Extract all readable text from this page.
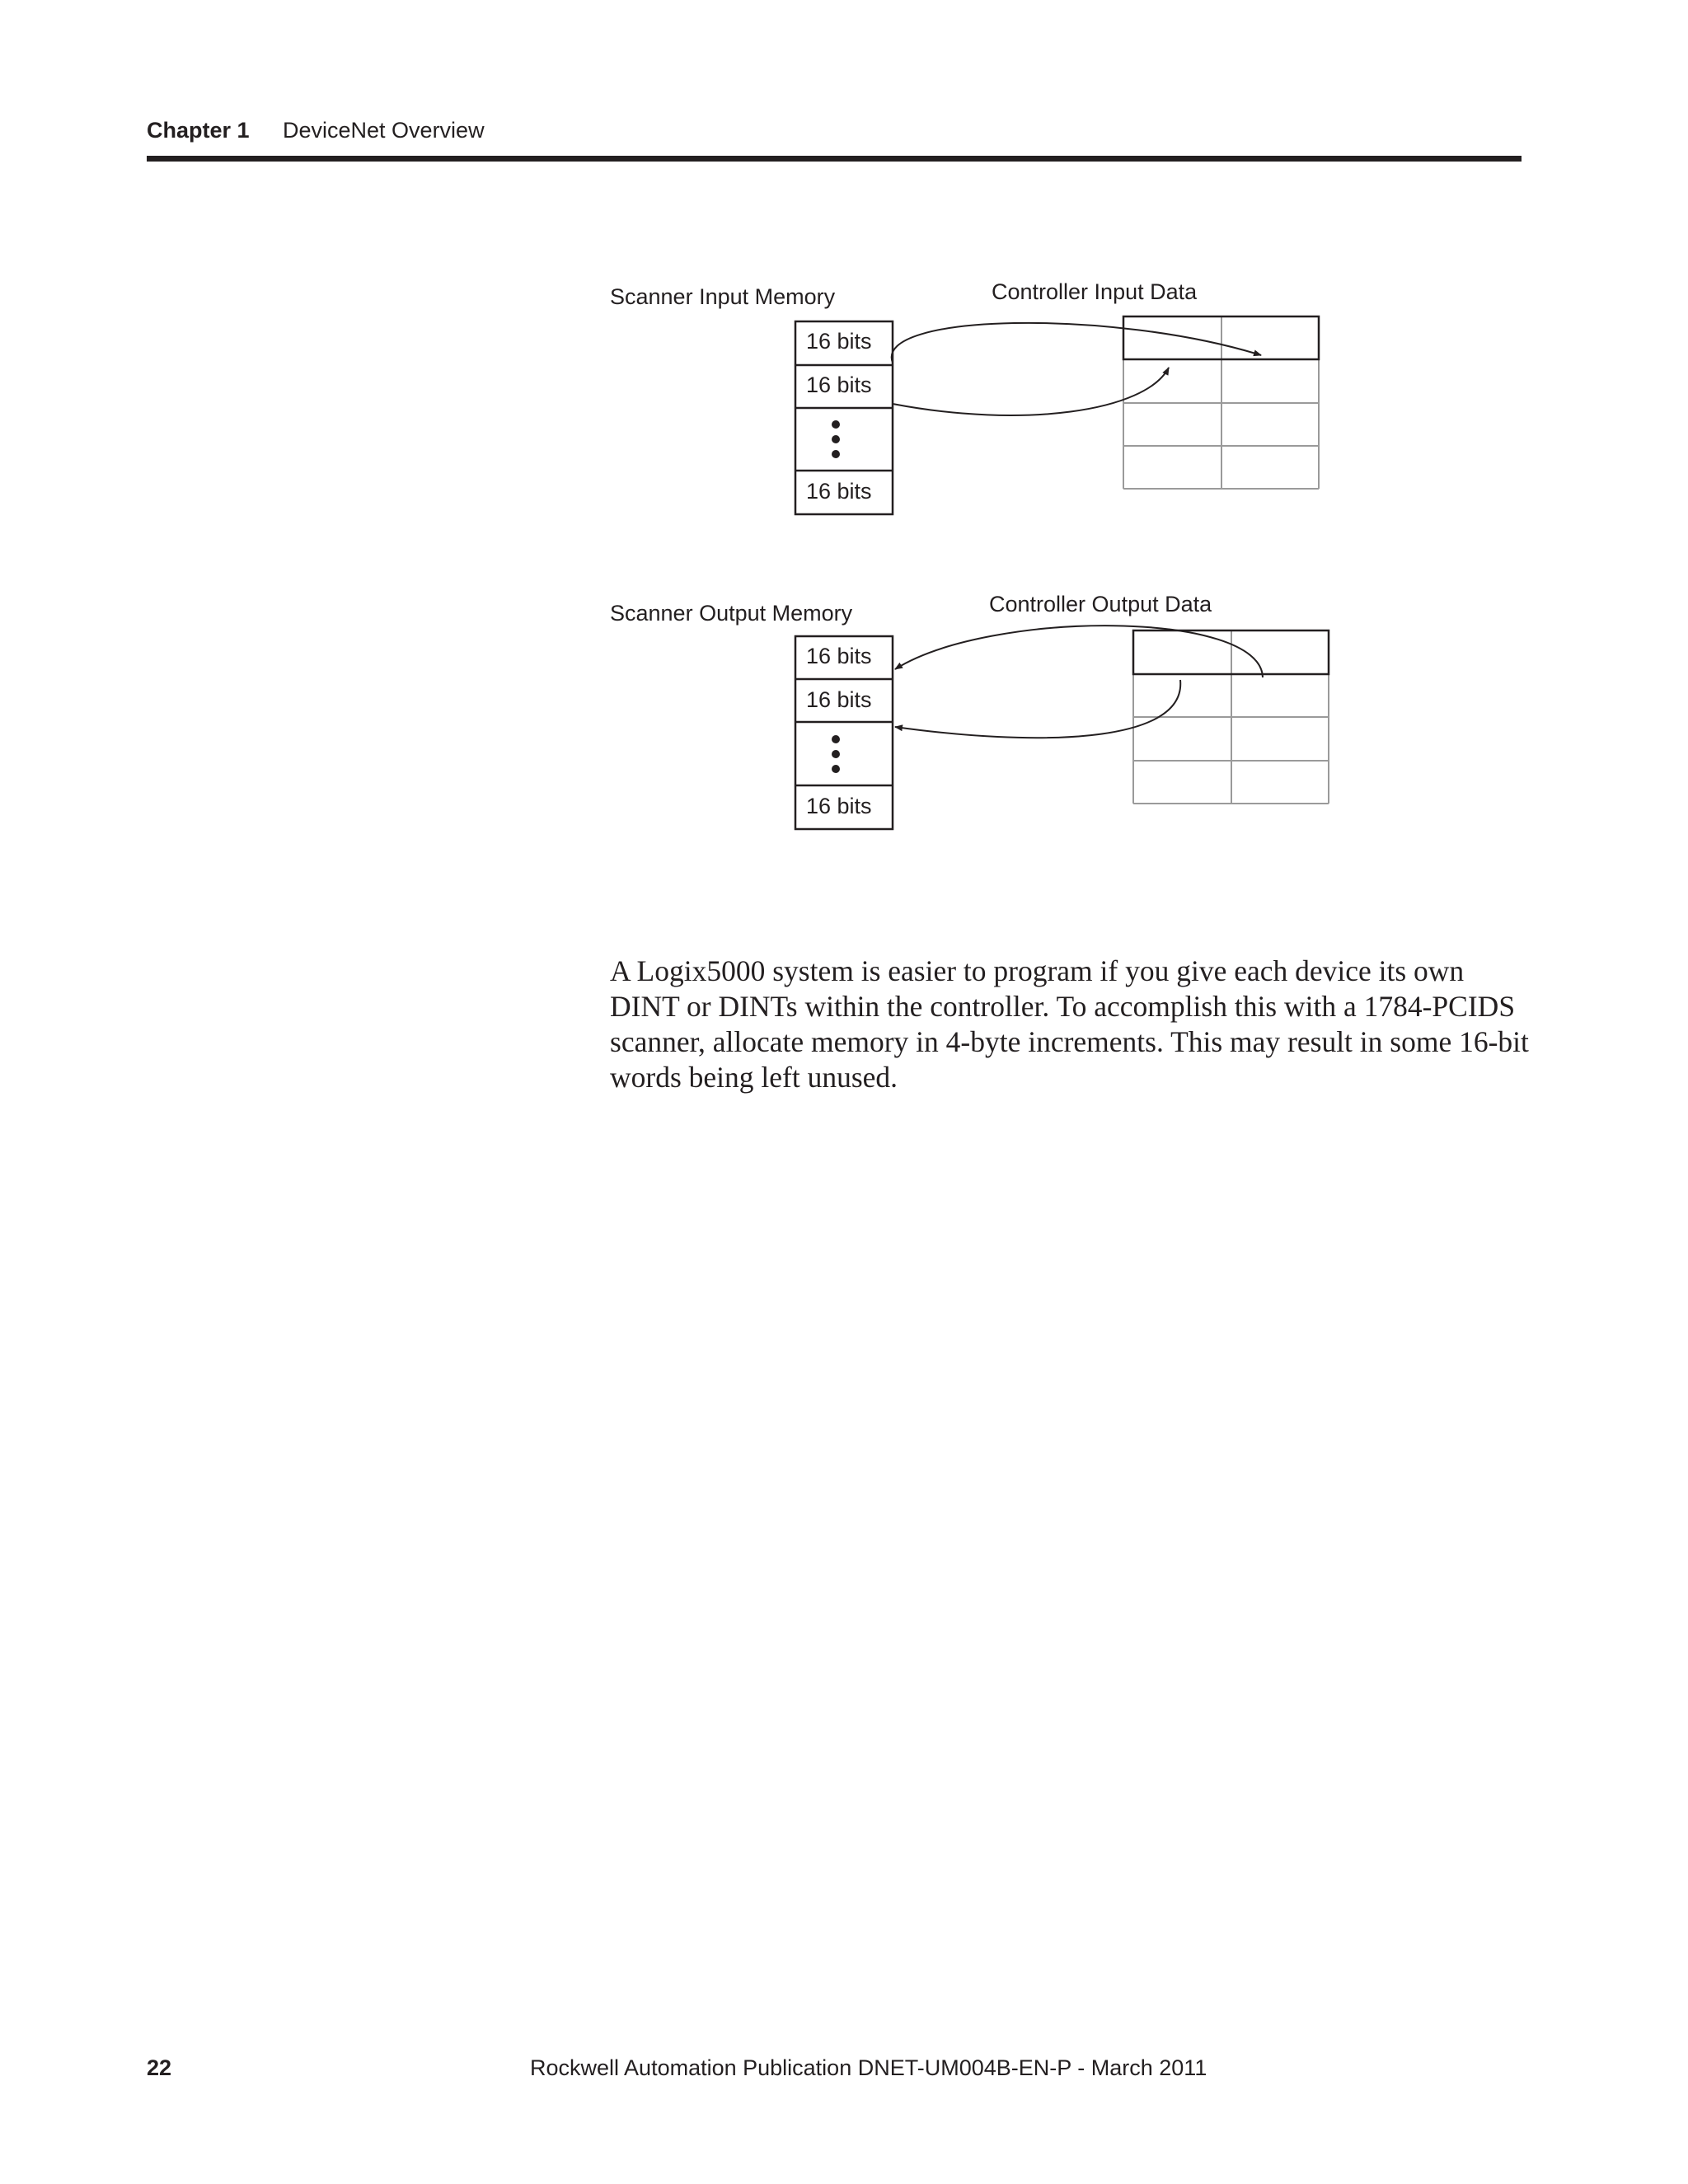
Chapter 1 DeviceNet Overview
Scanner Input Memory	Controller Input Data
16 bits
16 bits
16 bits
Scanner Output Memory	Controller Output Data
16 bits
16 bits
16 bits

A Logix5000 system is easier to program if you give each device its own DINT or DINTs within the controller. To accomplish this with a 1784-PCIDS scanner, allocate memory in 4-byte increments. This may result in some 16-bit words being left unused.

22	Rockwell Automation Publication DNET-UM004B-EN-P - March 2011
